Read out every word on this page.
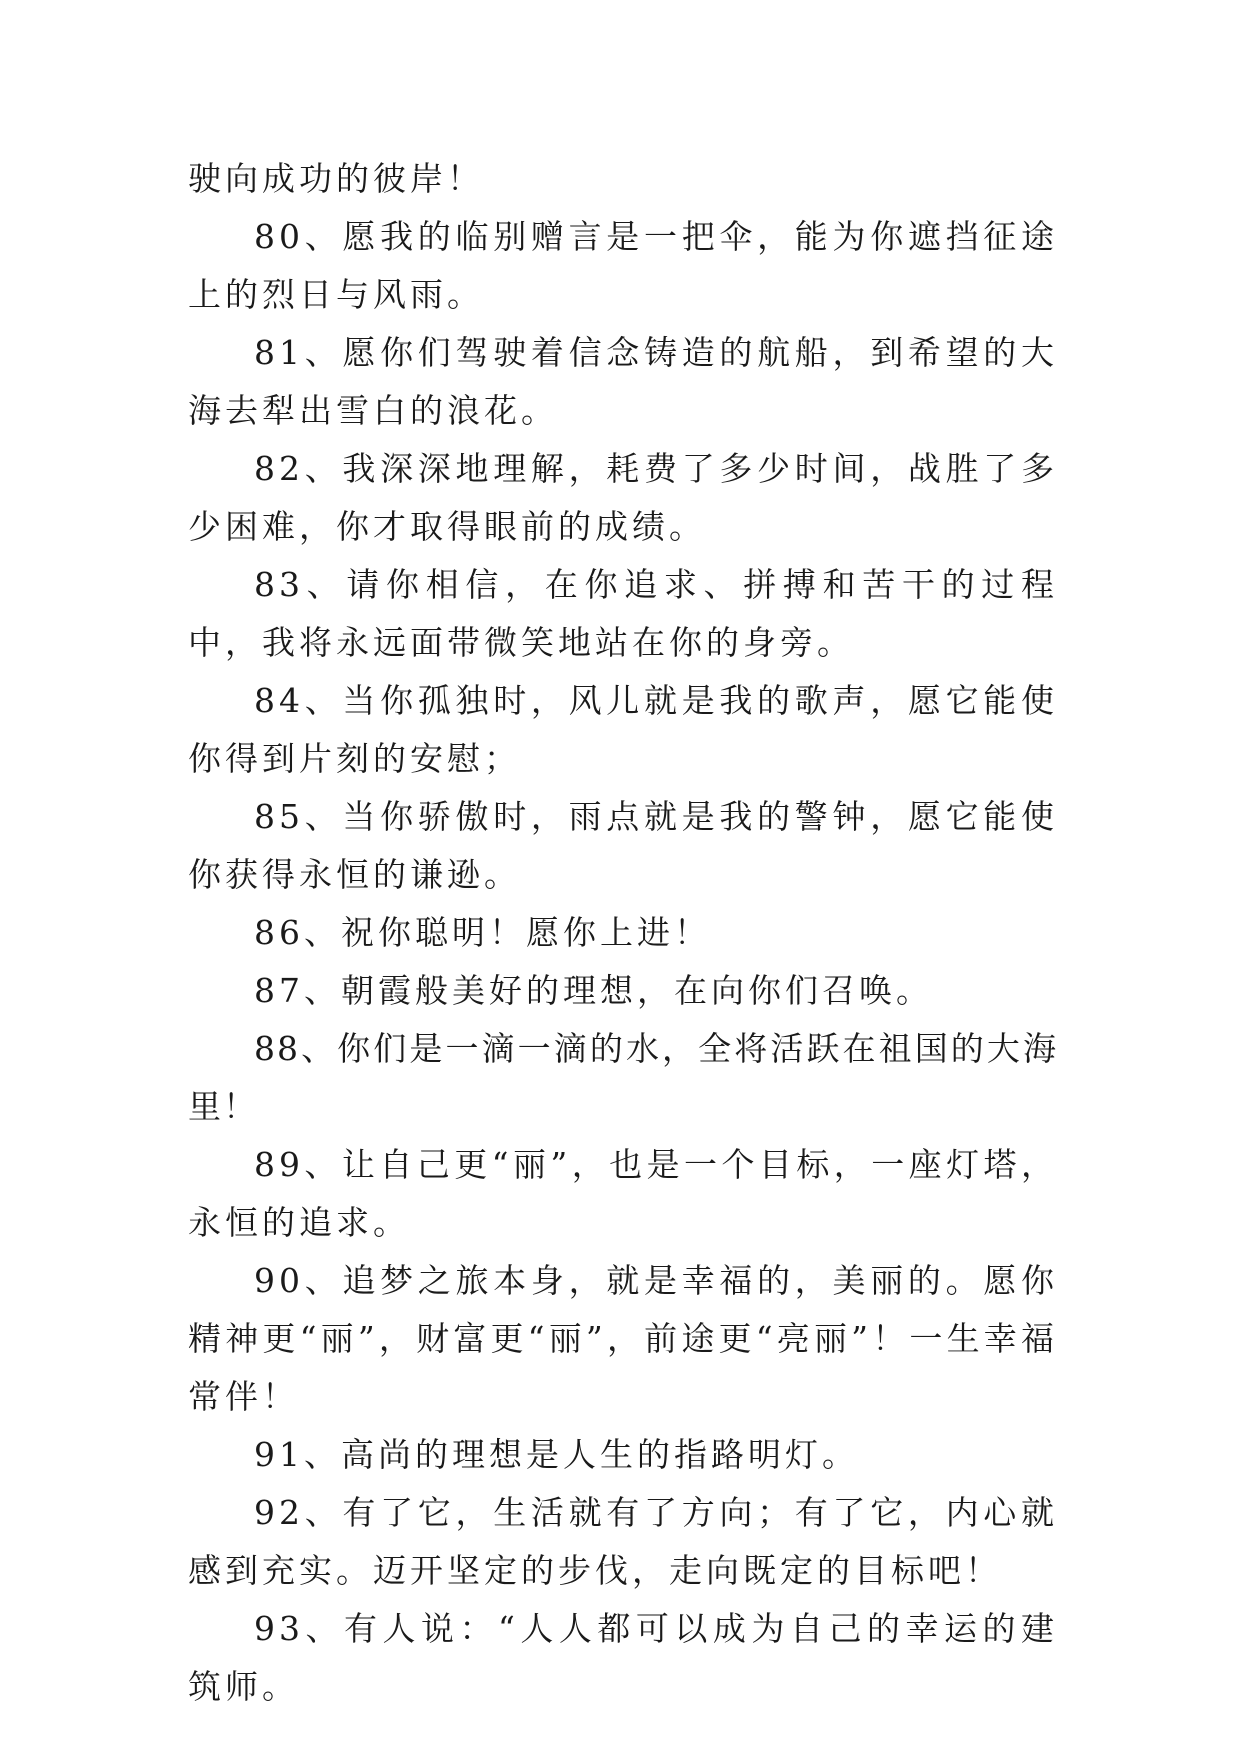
驶向成功的彼岸！

80、愿我的临别赠言是一把伞，能为你遮挡征途上的烈日与风雨。

81、愿你们驾驶着信念铸造的航船，到希望的大海去犁出雪白的浪花。

82、我深深地理解，耗费了多少时间，战胜了多少困难，你才取得眼前的成绩。

83、请你相信，在你追求、拼搏和苦干的过程中，我将永远面带微笑地站在你的身旁。

84、当你孤独时，风儿就是我的歌声，愿它能使你得到片刻的安慰；

85、当你骄傲时，雨点就是我的警钟，愿它能使你获得永恒的谦逊。

86、祝你聪明！愿你上进！

87、朝霞般美好的理想，在向你们召唤。

88、你们是一滴一滴的水，全将活跃在祖国的大海里！

89、让自己更“丽”，也是一个目标，一座灯塔，永恒的追求。

90、追梦之旅本身，就是幸福的，美丽的。愿你精神更“丽”，财富更“丽”，前途更“亮丽”！一生幸福常伴！

91、高尚的理想是人生的指路明灯。

92、有了它，生活就有了方向；有了它，内心就感到充实。迈开坚定的步伐，走向既定的目标吧！

93、有人说：“人人都可以成为自己的幸运的建筑师。
